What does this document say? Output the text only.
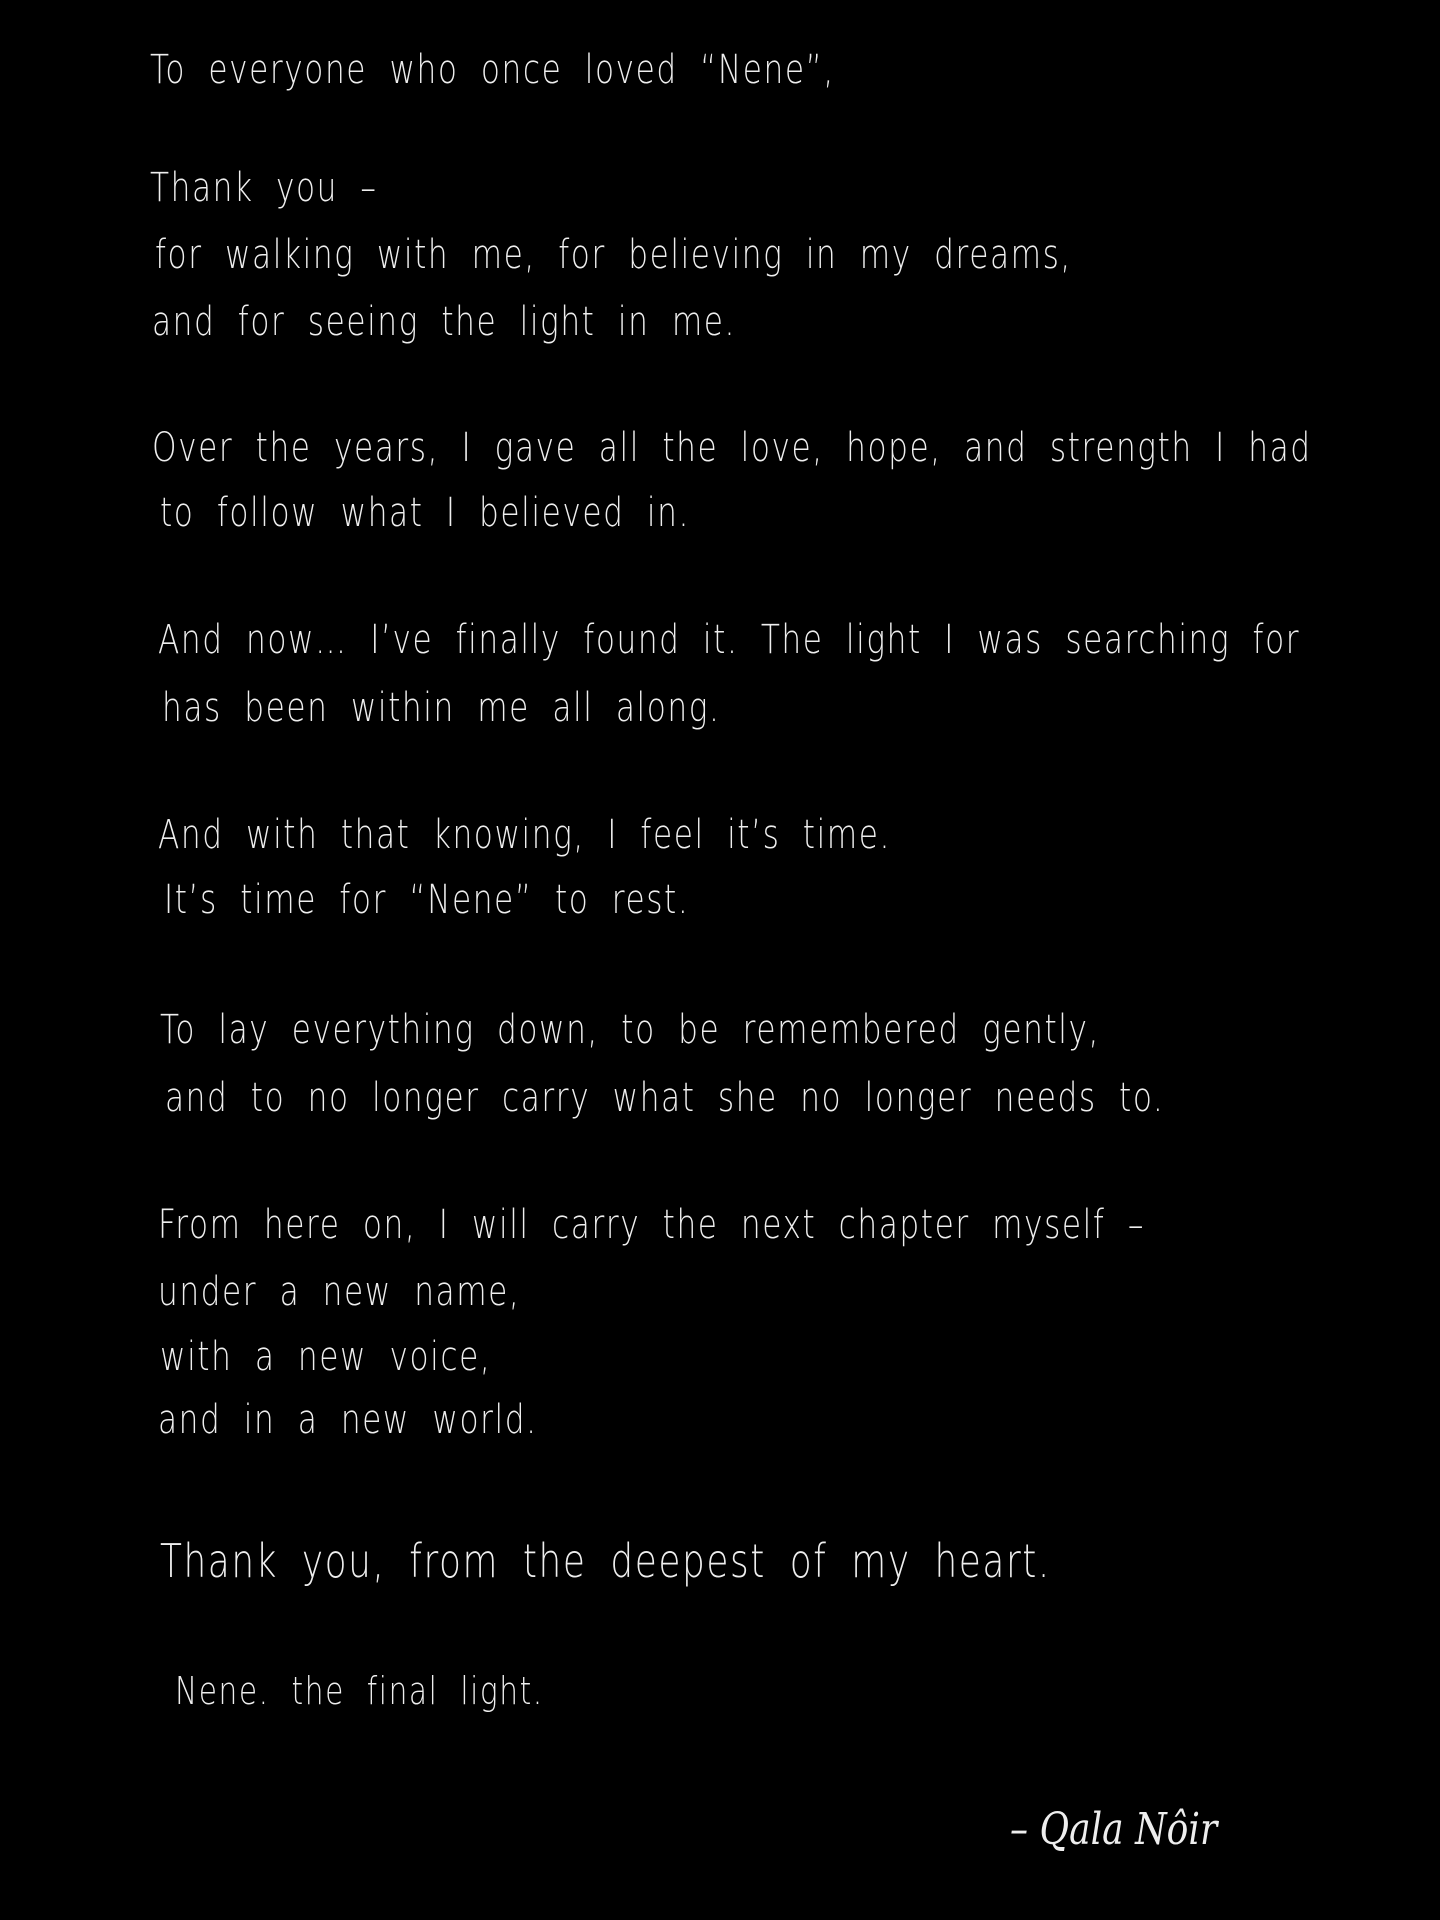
To everyone who once loved “Nene”,
Thank you –
for walking with me, for believing in my dreams,
and for seeing the light in me.
Over the years, I gave all the love, hope, and strength I had
to follow what I believed in.
And now… I’ve finally found it. The light I was searching for
has been within me all along.
And with that knowing, I feel it’s time.
It’s time for “Nene” to rest.
To lay everything down, to be remembered gently,
and to no longer carry what she no longer needs to.
From here on, I will carry the next chapter myself –
under a new name,
with a new voice,
and in a new world.
Thank you, from the deepest of my heart.
Nene. the final light.
– Qala Nôir
